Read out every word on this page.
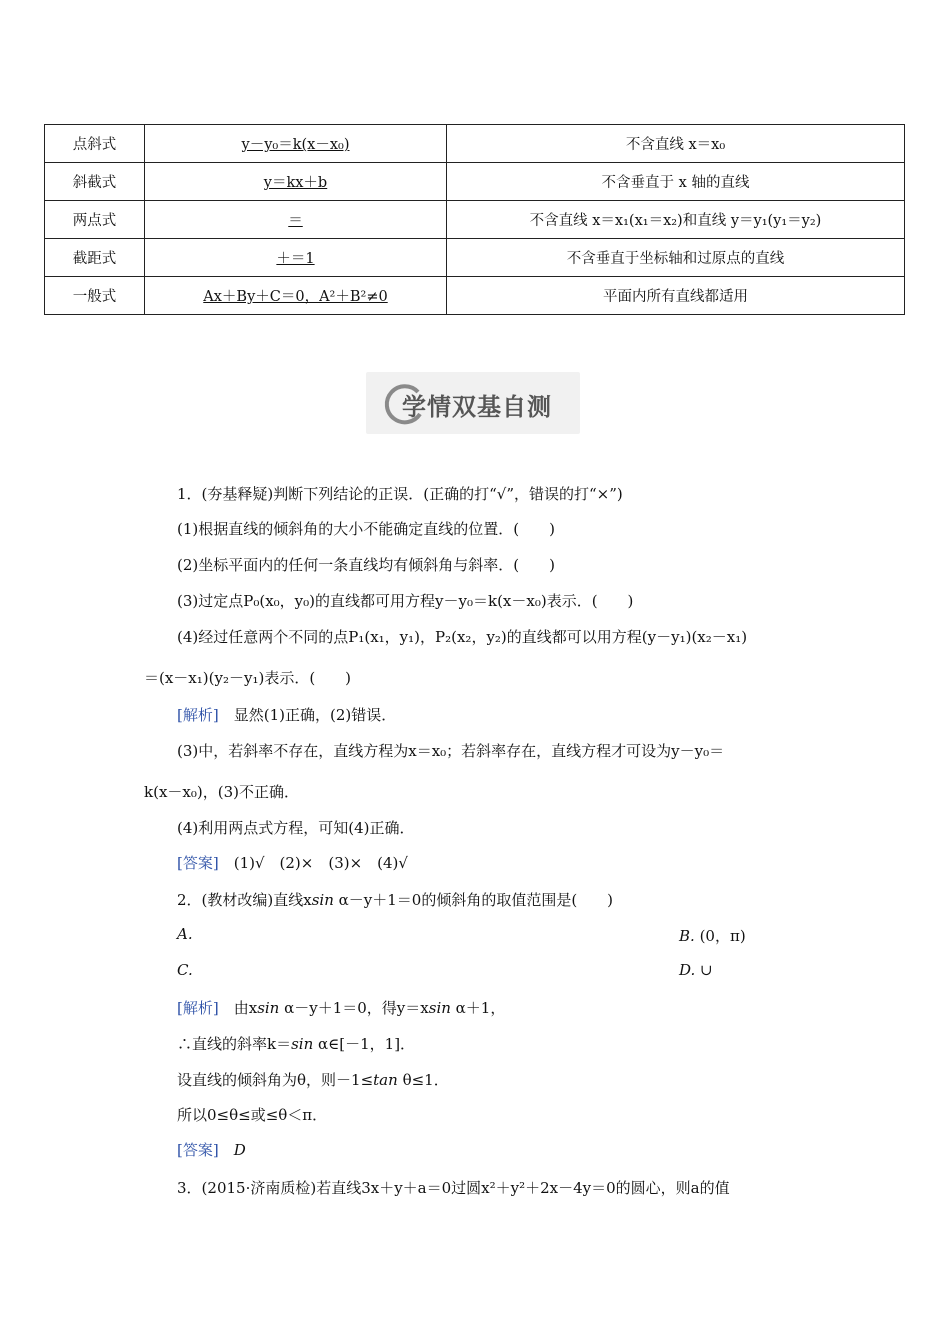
点斜式	y－y₀＝k(x－x₀)	不含直线 x＝x₀
斜截式	y＝kx＋b	不含垂直于 x 轴的直线
两点式	＝	不含直线 x＝x₁(x₁＝x₂)和直线 y＝y₁(y₁＝y₂)
截距式	＋＝1	不含垂直于坐标轴和过原点的直线
一般式	Ax＋By＋C＝0，A²＋B²≠0	平面内所有直线都适用
学情双基自测
1．(夯基释疑)判断下列结论的正误．(正确的打“√”，错误的打“×”)
(1)根据直线的倾斜角的大小不能确定直线的位置．(　　)
(2)坐标平面内的任何一条直线均有倾斜角与斜率．(　　)
(3)过定点P₀(x₀，y₀)的直线都可用方程y－y₀＝k(x－x₀)表示．(　　)
(4)经过任意两个不同的点P₁(x₁，y₁)，P₂(x₂，y₂)的直线都可以用方程(y－y₁)(x₂－x₁)
＝(x－x₁)(y₂－y₁)表示．(　　)
[解析]　显然(1)正确，(2)错误．
(3)中，若斜率不存在，直线方程为x＝x₀；若斜率存在，直线方程才可设为y－y₀＝
k(x－x₀)，(3)不正确．
(4)利用两点式方程，可知(4)正确．
[答案]　(1)√　(2)×　(3)×　(4)√
2．(教材改编)直线xsin α－y＋1＝0的倾斜角的取值范围是(　　)
A.	B. (0，π)
C.	D. ∪
[解析]　由xsin α－y＋1＝0，得y＝xsin α＋1，
∴直线的斜率k＝sin α∈[－1，1]．
设直线的倾斜角为θ，则－1≤tan θ≤1．
所以0≤θ≤或≤θ＜π．
[答案]　D
3．(2015·济南质检)若直线3x＋y＋a＝0过圆x²＋y²＋2x－4y＝0的圆心，则a的值
